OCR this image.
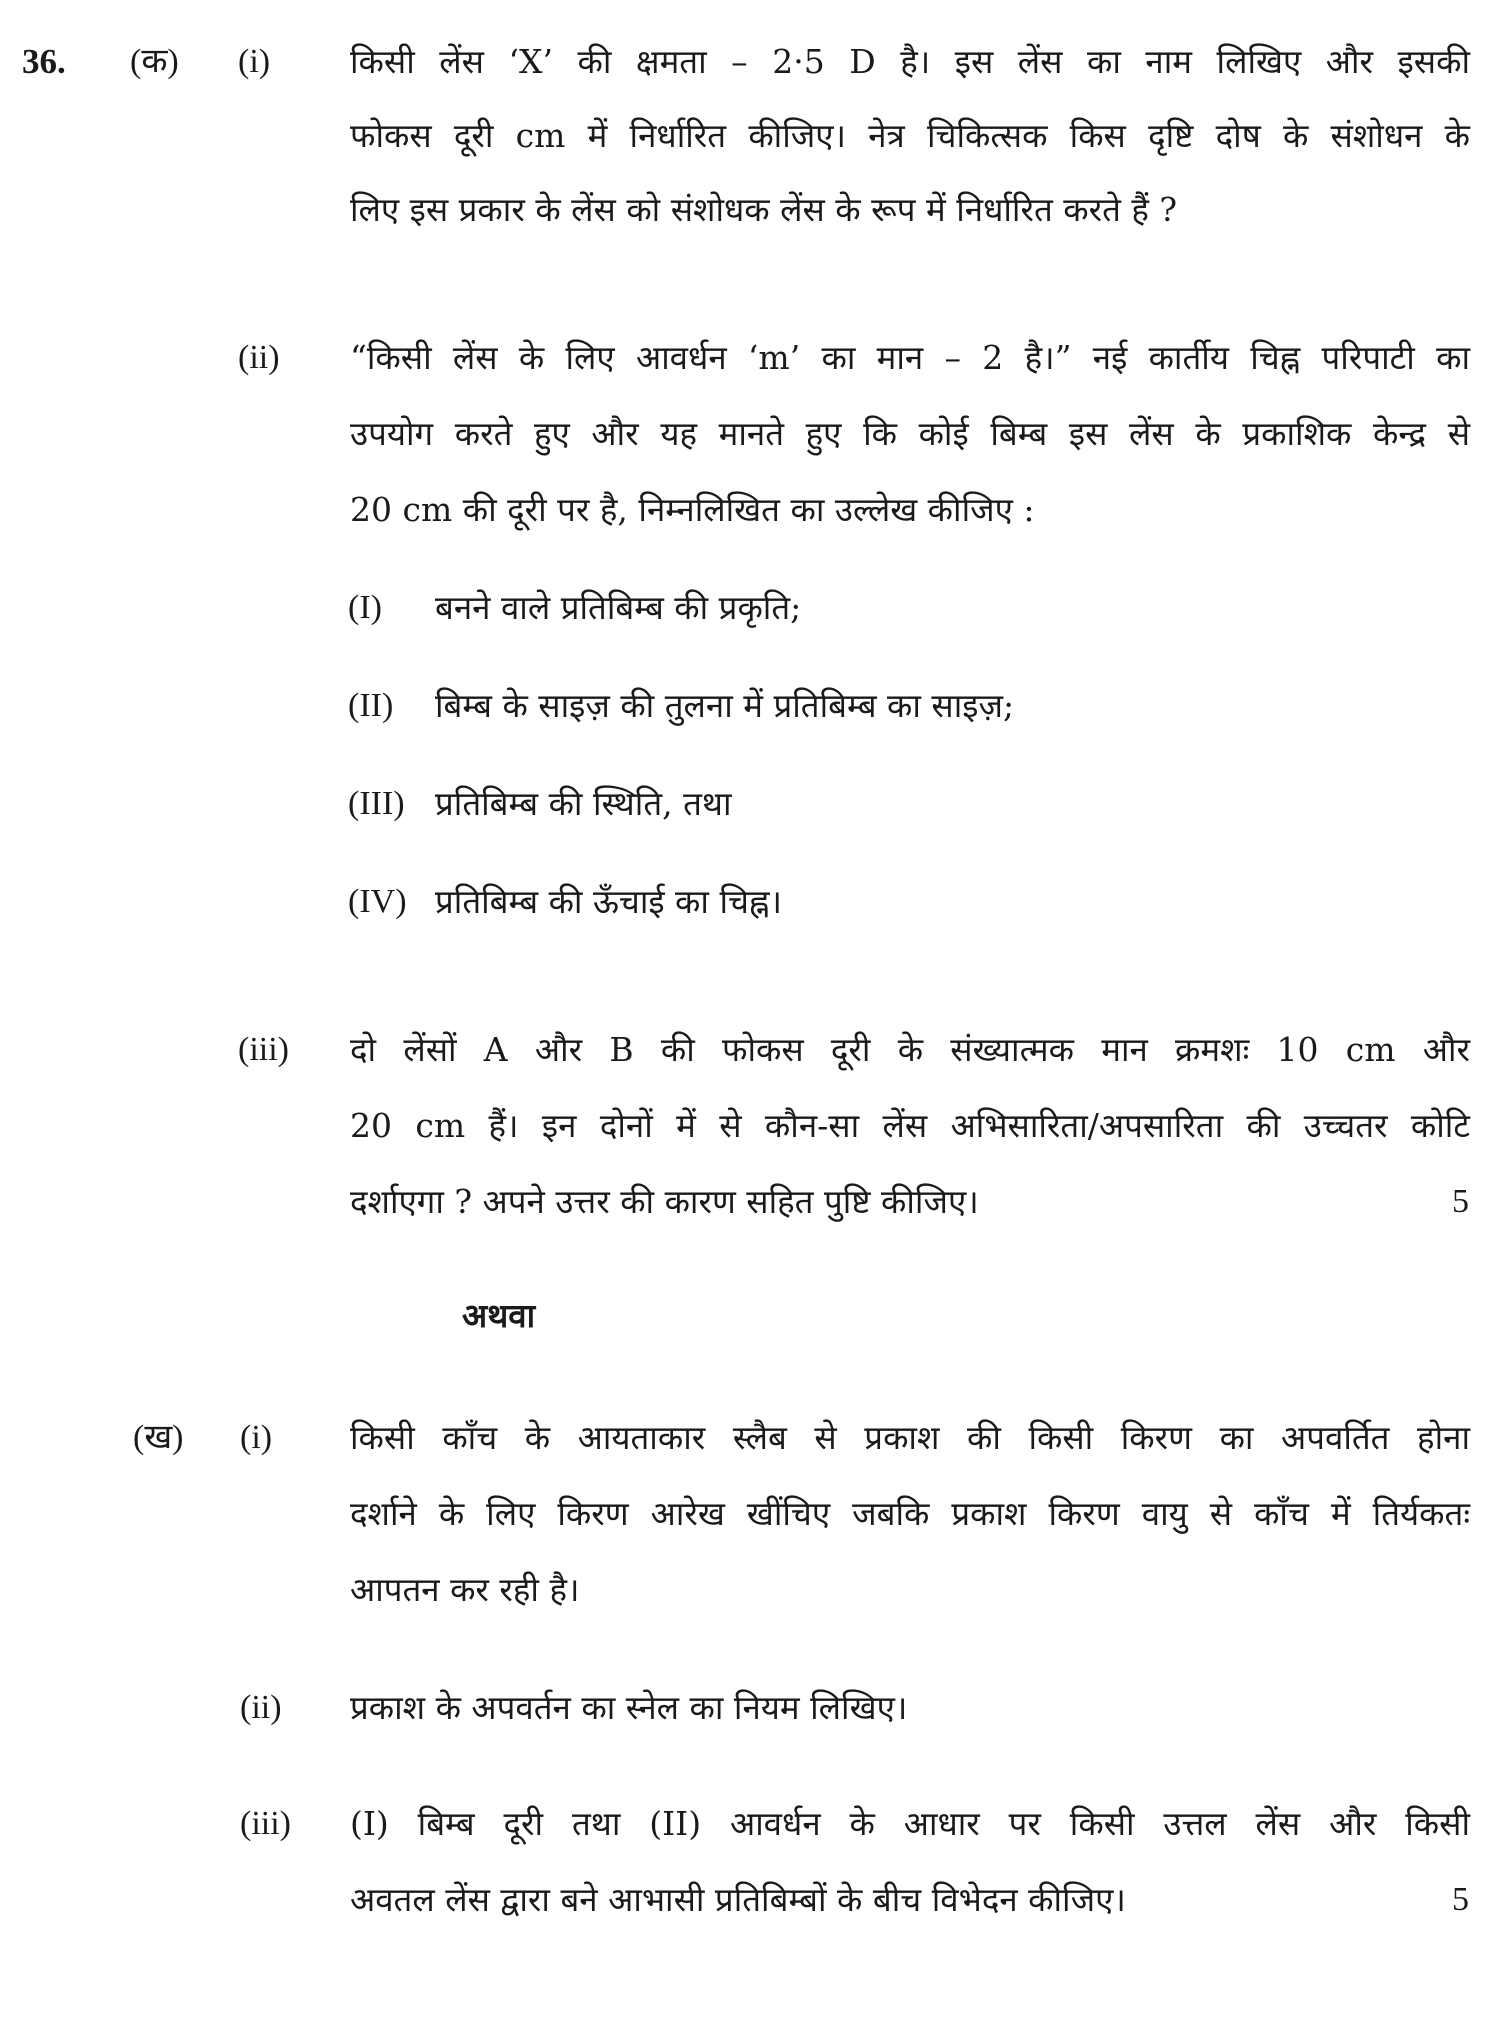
36. (क) (i) किसी लेंस ‘X’ की क्षमता – 2·5 D है। इस लेंस का नाम लिखिए और इसकी
फोकस दूरी cm में निर्धारित कीजिए। नेत्र चिकित्सक किस दृष्टि दोष के संशोधन के
लिए इस प्रकार के लेंस को संशोधक लेंस के रूप में निर्धारित करते हैं ?
(ii) “किसी लेंस के लिए आवर्धन ‘m’ का मान – 2 है।” नई कार्तीय चिह्न परिपाटी का
उपयोग करते हुए और यह मानते हुए कि कोई बिम्ब इस लेंस के प्रकाशिक केन्द्र से
20 cm की दूरी पर है, निम्नलिखित का उल्लेख कीजिए :
(I) बनने वाले प्रतिबिम्ब की प्रकृति;
(II) बिम्ब के साइज़ की तुलना में प्रतिबिम्ब का साइज़;
(III) प्रतिबिम्ब की स्थिति, तथा
(IV) प्रतिबिम्ब की ऊँचाई का चिह्न।
(iii) दो लेंसों A और B की फोकस दूरी के संख्यात्मक मान क्रमशः 10 cm और
20 cm हैं। इन दोनों में से कौन-सा लेंस अभिसारिता/अपसारिता की उच्चतर कोटि
दर्शाएगा ? अपने उत्तर की कारण सहित पुष्टि कीजिए।	5
अथवा
(ख) (i) किसी काँच के आयताकार स्लैब से प्रकाश की किसी किरण का अपवर्तित होना
दर्शाने के लिए किरण आरेख खींचिए जबकि प्रकाश किरण वायु से काँच में तिर्यकतः
आपतन कर रही है।
(ii) प्रकाश के अपवर्तन का स्नेल का नियम लिखिए।
(iii) (I) बिम्ब दूरी तथा (II) आवर्धन के आधार पर किसी उत्तल लेंस और किसी
अवतल लेंस द्वारा बने आभासी प्रतिबिम्बों के बीच विभेदन कीजिए।	5
